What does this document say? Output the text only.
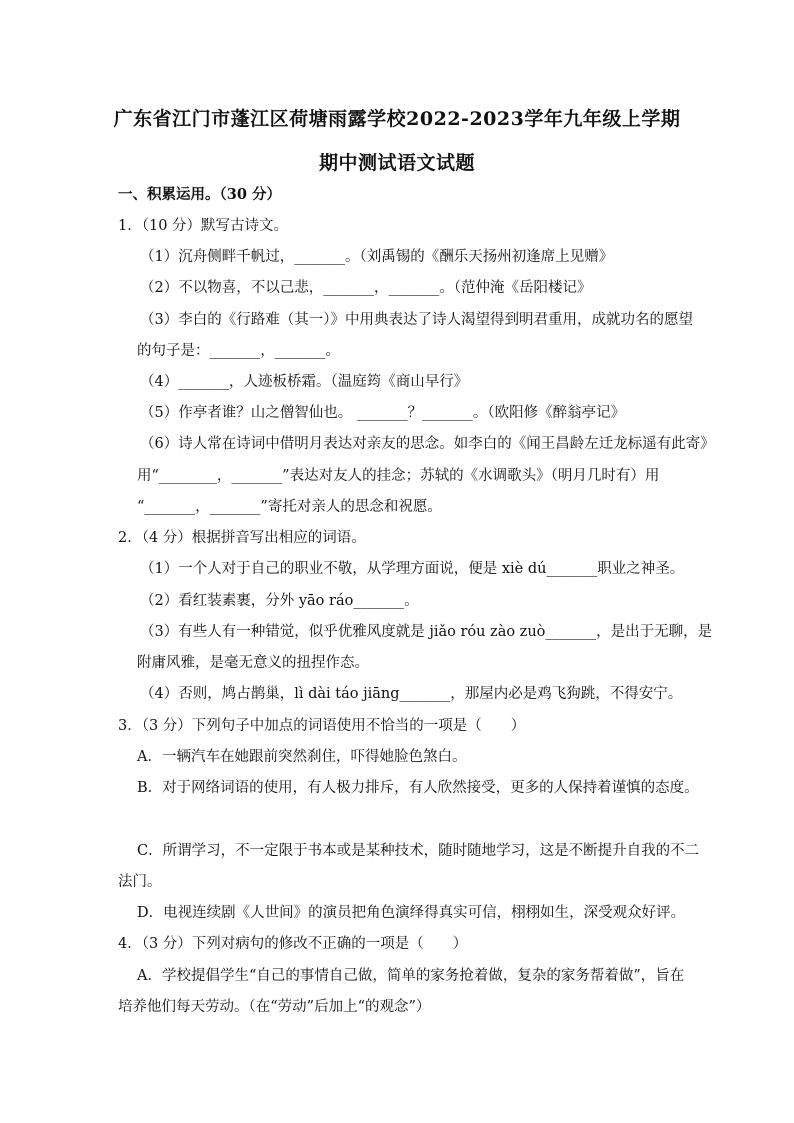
广东省江门市蓬江区荷塘雨露学校2022-2023学年九年级上学期
期中测试语文试题
一、积累运用。（30 分）
1．（10 分）默写古诗文。
（1）沉舟侧畔千帆过，_______。（刘禹锡的《酬乐天扬州初逢席上见赠》
（2）不以物喜，不以己悲，_______，_______。（范仲淹《岳阳楼记》
（3）李白的《行路难（其一）》中用典表达了诗人渴望得到明君重用，成就功名的愿望
的句子是：_______，_______。
（4）_______，人迹板桥霜。（温庭筠《商山早行》
（5）作亭者谁？山之僧智仙也。 _______？_______。（欧阳修《醉翁亭记》
（6）诗人常在诗词中借明月表达对亲友的思念。如李白的《闻王昌龄左迁龙标遥有此寄》
用“________，_______”表达对友人的挂念；苏轼的《水调歌头》（明月几时有）用
“_______，_______”寄托对亲人的思念和祝愿。
2．（4 分）根据拼音写出相应的词语。
（1）一个人对于自己的职业不敬，从学理方面说，便是 xiè dú_______职业之神圣。
（2）看红装素裹，分外 yāo ráo_______。
（3）有些人有一种错觉，似乎优雅风度就是 jiǎo róu zào zuò_______，是出于无聊，是
附庸风雅，是毫无意义的扭捏作态。
（4）否则，鸠占鹊巢，lì dài táo jiāng_______，那屋内必是鸡飞狗跳，不得安宁。
3．（3 分）下列句子中加点的词语使用不恰当的一项是（　　）
A．一辆汽车在她跟前突然刹住，吓得她脸色煞白。
B．对于网络词语的使用，有人极力排斥，有人欣然接受，更多的人保持着谨慎的态度。
C．所谓学习，不一定限于书本或是某种技术，随时随地学习，这是不断提升自我的不二
法门。
D．电视连续剧《人世间》的演员把角色演绎得真实可信，栩栩如生，深受观众好评。
4．（3 分）下列对病句的修改不正确的一项是（　　）
A．学校提倡学生“自己的事情自己做，简单的家务抢着做，复杂的家务帮着做”，旨在
培养他们每天劳动。（在“劳动”后加上“的观念”）
